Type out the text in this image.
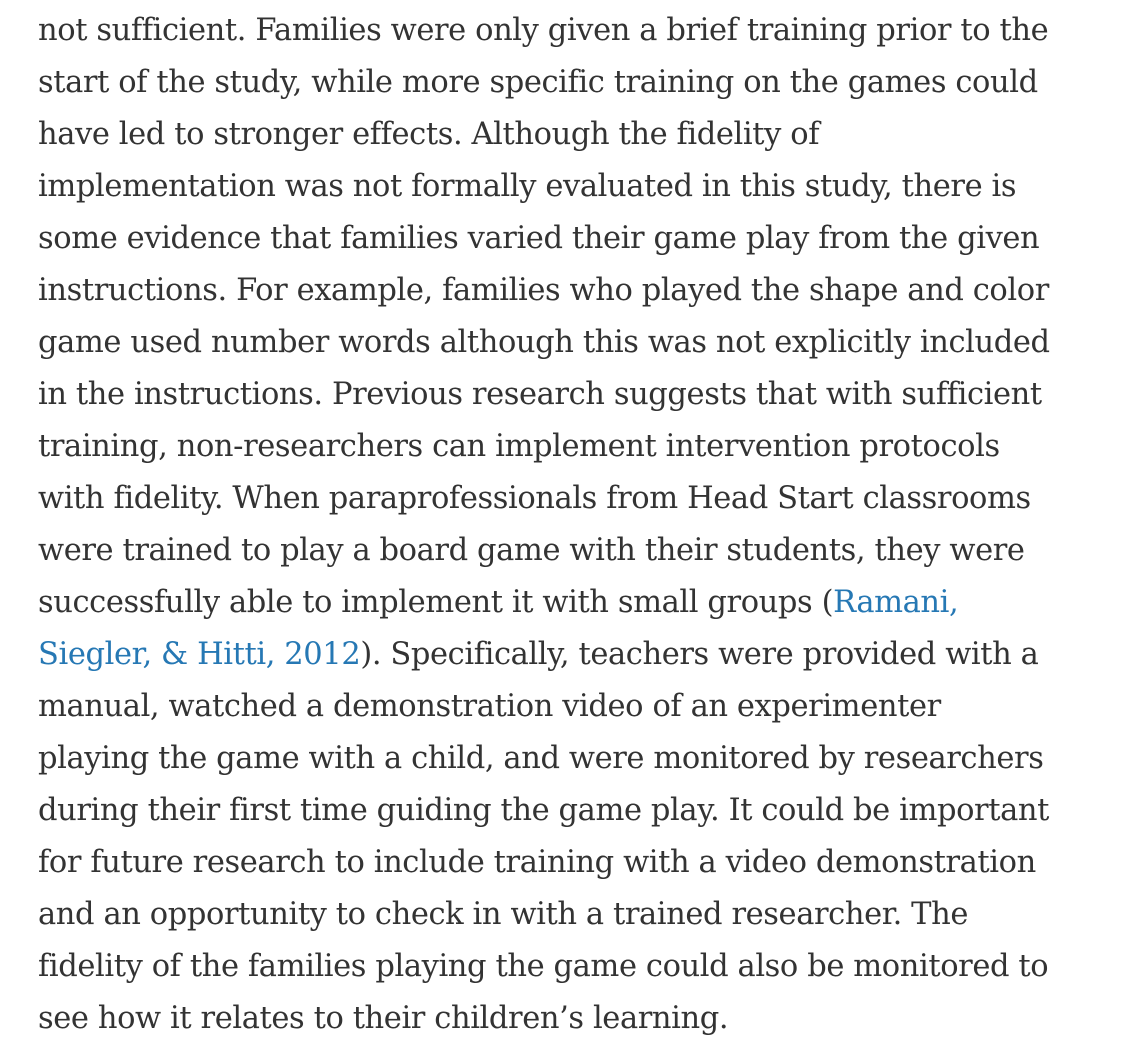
not sufficient. Families were only given a brief training prior to the

start of the study, while more specific training on the games could

have led to stronger effects. Although the fidelity of

implementation was not formally evaluated in this study, there is

some evidence that families varied their game play from the given

instructions. For example, families who played the shape and color

game used number words although this was not explicitly included

in the instructions. Previous research suggests that with sufficient

training, non-researchers can implement intervention protocols

with fidelity. When paraprofessionals from Head Start classrooms

were trained to play a board game with their students, they were

successfully able to implement it with small groups (Ramani,

Siegler, & Hitti, 2012). Specifically, teachers were provided with a

manual, watched a demonstration video of an experimenter

playing the game with a child, and were monitored by researchers

during their first time guiding the game play. It could be important

for future research to include training with a video demonstration

and an opportunity to check in with a trained researcher. The

fidelity of the families playing the game could also be monitored to

see how it relates to their children’s learning.
